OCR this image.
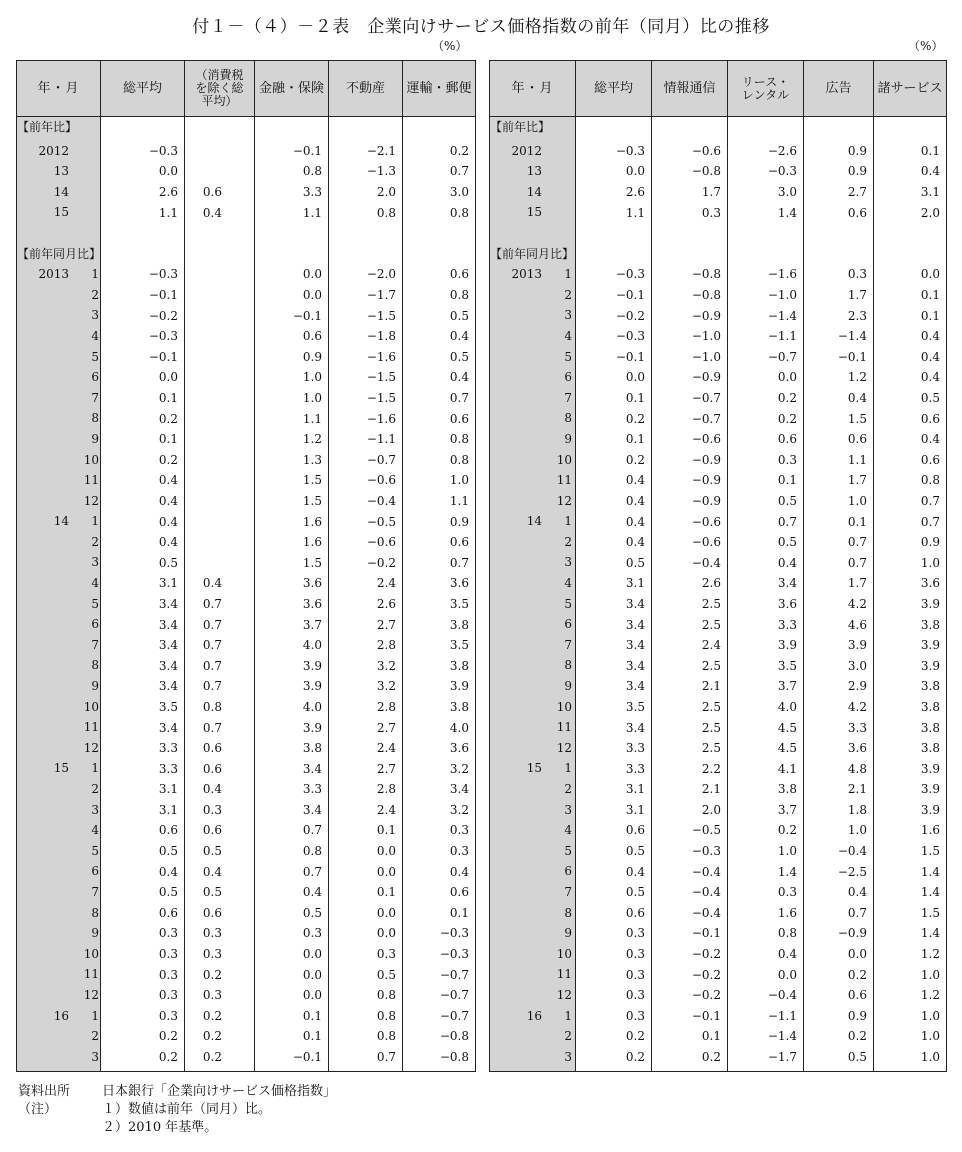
付１－（４）－２表　企業向けサービス価格指数の前年（同月）比の推移
（%）	（%）
年・月	総平均	（消費税
を除く総
平均）	金融・保険	不動産	運輸・郵便

【前年比】					

2012	−0.3		−0.1	−2.1	0.2

13	0.0		0.8	−1.3	0.7

14	2.6	0.6	3.3	2.0	3.0

15	1.1	0.4	1.1	0.8	0.8

【前年同月比】					

2013 1	−0.3		0.0	−2.0	0.6

2	−0.1		0.0	−1.7	0.8

3	−0.2		−0.1	−1.5	0.5

4	−0.3		0.6	−1.8	0.4

5	−0.1		0.9	−1.6	0.5

6	0.0		1.0	−1.5	0.4

7	0.1		1.0	−1.5	0.7

8	0.2		1.1	−1.6	0.6

9	0.1		1.2	−1.1	0.8

10	0.2		1.3	−0.7	0.8

11	0.4		1.5	−0.6	1.0

12	0.4		1.5	−0.4	1.1

14 1	0.4		1.6	−0.5	0.9

2	0.4		1.6	−0.6	0.6

3	0.5		1.5	−0.2	0.7

4	3.1	0.4	3.6	2.4	3.6

5	3.4	0.7	3.6	2.6	3.5

6	3.4	0.7	3.7	2.7	3.8

7	3.4	0.7	4.0	2.8	3.5

8	3.4	0.7	3.9	3.2	3.8

9	3.4	0.7	3.9	3.2	3.9

10	3.5	0.8	4.0	2.8	3.8

11	3.4	0.7	3.9	2.7	4.0

12	3.3	0.6	3.8	2.4	3.6

15 1	3.3	0.6	3.4	2.7	3.2

2	3.1	0.4	3.3	2.8	3.4

3	3.1	0.3	3.4	2.4	3.2

4	0.6	0.6	0.7	0.1	0.3

5	0.5	0.5	0.8	0.0	0.3

6	0.4	0.4	0.7	0.0	0.4

7	0.5	0.5	0.4	0.1	0.6

8	0.6	0.6	0.5	0.0	0.1

9	0.3	0.3	0.3	0.0	−0.3

10	0.3	0.3	0.0	0.3	−0.3

11	0.3	0.2	0.0	0.5	−0.7

12	0.3	0.3	0.0	0.8	−0.7

16 1	0.3	0.2	0.1	0.8	−0.7

2	0.2	0.2	0.1	0.8	−0.8

3	0.2	0.2	−0.1	0.7	−0.8
年・月	総平均	情報通信	リース・
レンタル	広告	諸サービス

【前年比】					

2012	−0.3	−0.6	−2.6	0.9	0.1

13	0.0	−0.8	−0.3	0.9	0.4

14	2.6	1.7	3.0	2.7	3.1

15	1.1	0.3	1.4	0.6	2.0

【前年同月比】					

2013 1	−0.3	−0.8	−1.6	0.3	0.0

2	−0.1	−0.8	−1.0	1.7	0.1

3	−0.2	−0.9	−1.4	2.3	0.1

4	−0.3	−1.0	−1.1	−1.4	0.4

5	−0.1	−1.0	−0.7	−0.1	0.4

6	0.0	−0.9	0.0	1.2	0.4

7	0.1	−0.7	0.2	0.4	0.5

8	0.2	−0.7	0.2	1.5	0.6

9	0.1	−0.6	0.6	0.6	0.4

10	0.2	−0.9	0.3	1.1	0.6

11	0.4	−0.9	0.1	1.7	0.8

12	0.4	−0.9	0.5	1.0	0.7

14 1	0.4	−0.6	0.7	0.1	0.7

2	0.4	−0.6	0.5	0.7	0.9

3	0.5	−0.4	0.4	0.7	1.0

4	3.1	2.6	3.4	1.7	3.6

5	3.4	2.5	3.6	4.2	3.9

6	3.4	2.5	3.3	4.6	3.8

7	3.4	2.4	3.9	3.9	3.9

8	3.4	2.5	3.5	3.0	3.9

9	3.4	2.1	3.7	2.9	3.8

10	3.5	2.5	4.0	4.2	3.8

11	3.4	2.5	4.5	3.3	3.8

12	3.3	2.5	4.5	3.6	3.8

15 1	3.3	2.2	4.1	4.8	3.9

2	3.1	2.1	3.8	2.1	3.9

3	3.1	2.0	3.7	1.8	3.9

4	0.6	−0.5	0.2	1.0	1.6

5	0.5	−0.3	1.0	−0.4	1.5

6	0.4	−0.4	1.4	−2.5	1.4

7	0.5	−0.4	0.3	0.4	1.4

8	0.6	−0.4	1.6	0.7	1.5

9	0.3	−0.1	0.8	−0.9	1.4

10	0.3	−0.2	0.4	0.0	1.2

11	0.3	−0.2	0.0	0.2	1.0

12	0.3	−0.2	−0.4	0.6	1.2

16 1	0.3	−0.1	−1.1	0.9	1.0

2	0.2	0.1	−1.4	0.2	1.0

3	0.2	0.2	−1.7	0.5	1.0
資料出所	日本銀行「企業向けサービス価格指数」
（注）	１）数値は前年（同月）比。
２）2010 年基準。
